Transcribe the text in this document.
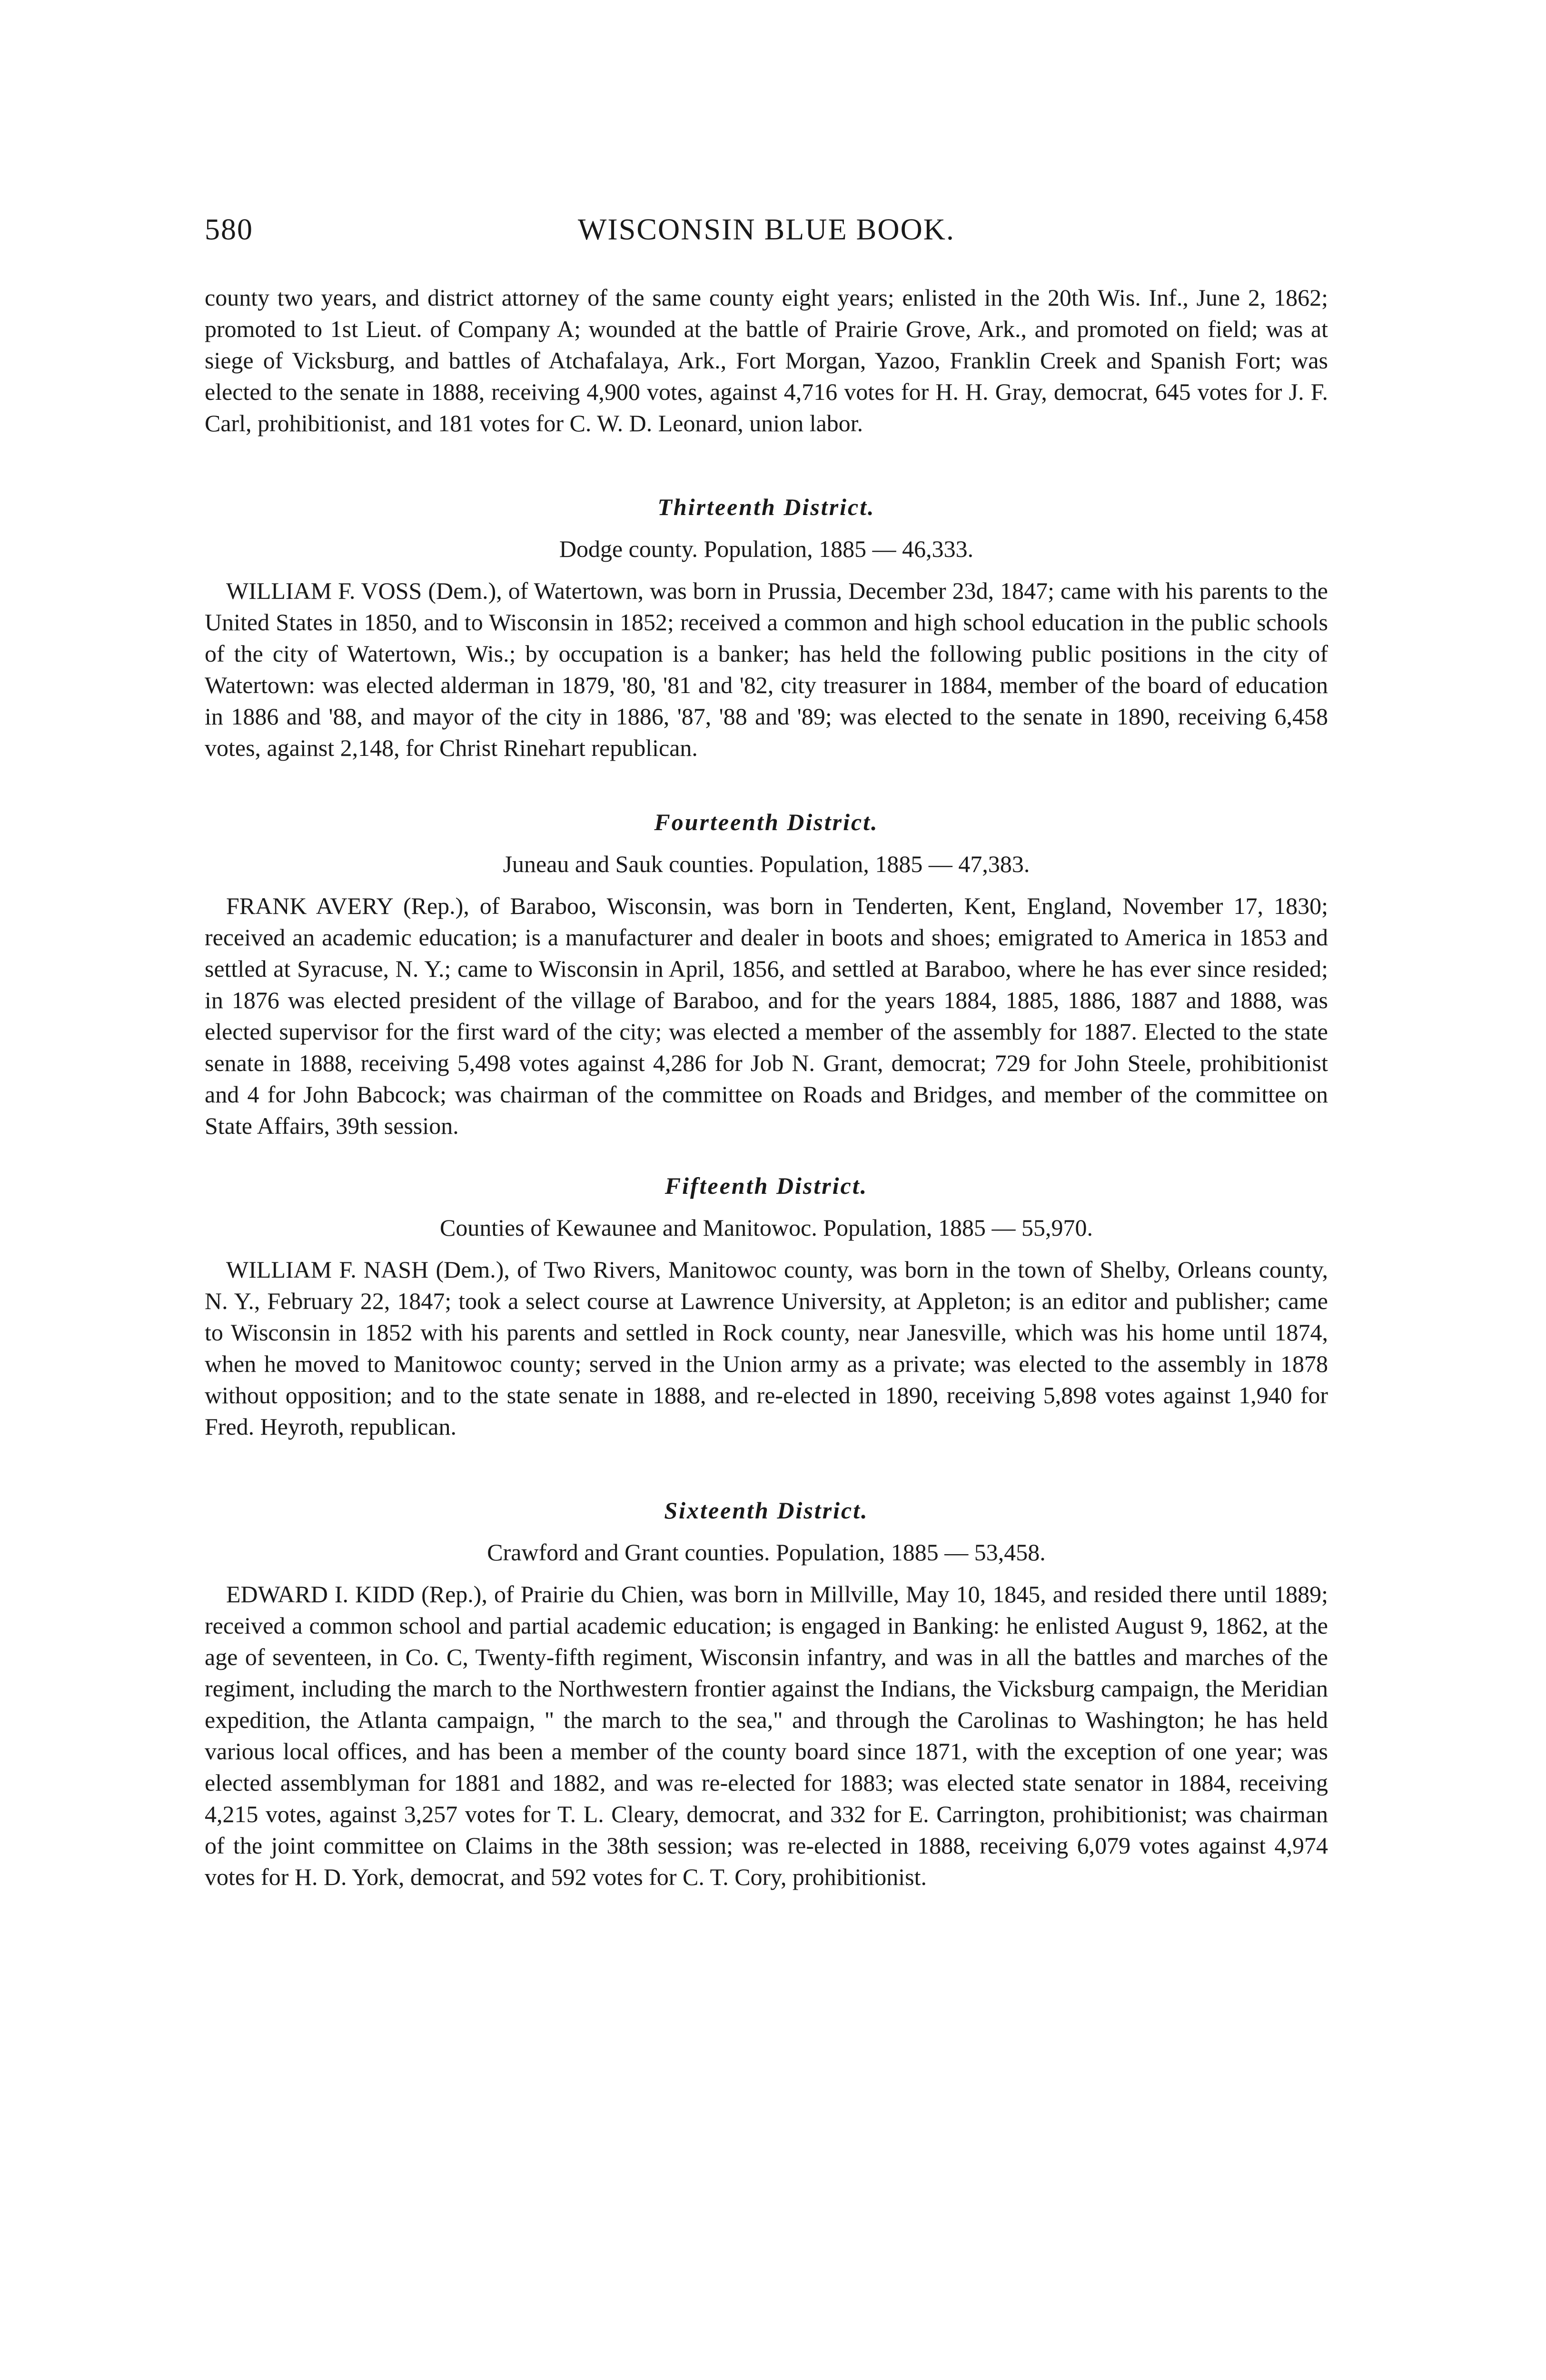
580	WISCONSIN BLUE BOOK.

county two years, and district attorney of the same county eight years; enlisted in the 20th Wis. Inf., June 2, 1862; promoted to 1st Lieut. of Company A; wounded at the battle of Prairie Grove, Ark., and promoted on field; was at siege of Vicksburg, and battles of Atchafalaya, Ark., Fort Morgan, Yazoo, Franklin Creek and Spanish Fort; was elected to the senate in 1888, receiving 4,900 votes, against 4,716 votes for H. H. Gray, democrat, 645 votes for J. F. Carl, prohibitionist, and 181 votes for C. W. D. Leonard, union labor.

Thirteenth District.
Dodge county. Population, 1885 — 46,333.

WILLIAM F. VOSS (Dem.), of Watertown, was born in Prussia, December 23d, 1847; came with his parents to the United States in 1850, and to Wisconsin in 1852; received a common and high school education in the public schools of the city of Watertown, Wis.; by occupation is a banker; has held the following public positions in the city of Watertown: was elected alderman in 1879, '80, '81 and '82, city treasurer in 1884, member of the board of education in 1886 and '88, and mayor of the city in 1886, '87, '88 and '89; was elected to the senate in 1890, receiving 6,458 votes, against 2,148, for Christ Rinehart republican.

Fourteenth District.
Juneau and Sauk counties. Population, 1885 — 47,383.

FRANK AVERY (Rep.), of Baraboo, Wisconsin, was born in Tenderten, Kent, England, November 17, 1830; received an academic education; is a manufacturer and dealer in boots and shoes; emigrated to America in 1853 and settled at Syracuse, N. Y.; came to Wisconsin in April, 1856, and settled at Baraboo, where he has ever since resided; in 1876 was elected president of the village of Baraboo, and for the years 1884, 1885, 1886, 1887 and 1888, was elected supervisor for the first ward of the city; was elected a member of the assembly for 1887. Elected to the state senate in 1888, receiving 5,498 votes against 4,286 for Job N. Grant, democrat; 729 for John Steele, prohibitionist and 4 for John Babcock; was chairman of the committee on Roads and Bridges, and member of the committee on State Affairs, 39th session.

Fifteenth District.
Counties of Kewaunee and Manitowoc. Population, 1885 — 55,970.

WILLIAM F. NASH (Dem.), of Two Rivers, Manitowoc county, was born in the town of Shelby, Orleans county, N. Y., February 22, 1847; took a select course at Lawrence University, at Appleton; is an editor and publisher; came to Wisconsin in 1852 with his parents and settled in Rock county, near Janesville, which was his home until 1874, when he moved to Manitowoc county; served in the Union army as a private; was elected to the assembly in 1878 without opposition; and to the state senate in 1888, and re-elected in 1890, receiving 5,898 votes against 1,940 for Fred. Heyroth, republican.

Sixteenth District.
Crawford and Grant counties. Population, 1885 — 53,458.

EDWARD I. KIDD (Rep.), of Prairie du Chien, was born in Millville, May 10, 1845, and resided there until 1889; received a common school and partial academic education; is engaged in Banking: he enlisted August 9, 1862, at the age of seventeen, in Co. C, Twenty-fifth regiment, Wisconsin infantry, and was in all the battles and marches of the regiment, including the march to the Northwestern frontier against the Indians, the Vicksburg campaign, the Meridian expedition, the Atlanta campaign, " the march to the sea," and through the Carolinas to Washington; he has held various local offices, and has been a member of the county board since 1871, with the exception of one year; was elected assemblyman for 1881 and 1882, and was re-elected for 1883; was elected state senator in 1884, receiving 4,215 votes, against 3,257 votes for T. L. Cleary, democrat, and 332 for E. Carrington, prohibitionist; was chairman of the joint committee on Claims in the 38th session; was re-elected in 1888, receiving 6,079 votes against 4,974 votes for H. D. York, democrat, and 592 votes for C. T. Cory, prohibitionist.
